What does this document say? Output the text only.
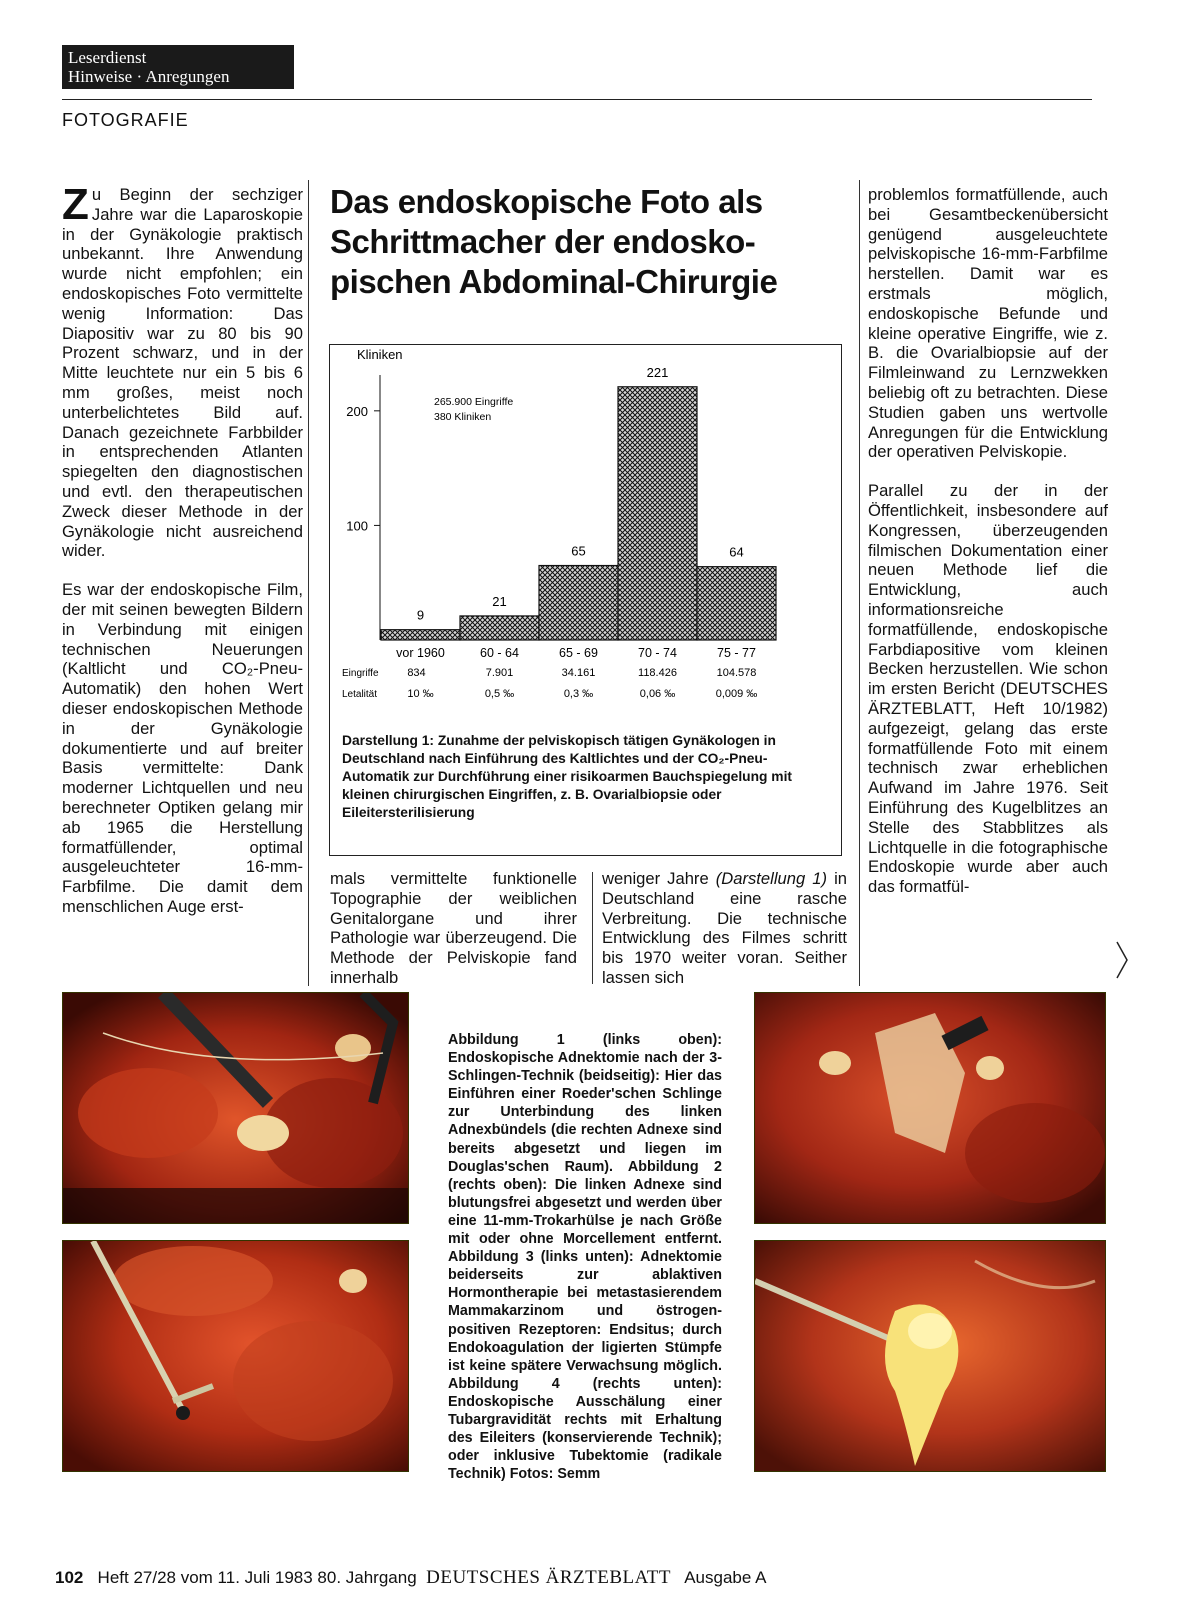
Leserdienst
Hinweise · Anregungen
FOTOGRAFIE

Zu Beginn der sechziger Jahre war die Laparoskopie in der Gynäkologie praktisch unbekannt. Ihre Anwendung wurde nicht empfohlen; ein endoskopisches Foto vermittelte wenig Information: Das Diapositiv war zu 80 bis 90 Prozent schwarz, und in der Mitte leuchtete nur ein 5 bis 6 mm großes, meist noch unterbelichtetes Bild auf. Danach gezeichnete Farbbilder in entsprechenden Atlanten spiegelten den diagnostischen und evtl. den therapeutischen Zweck dieser Methode in der Gynäkologie nicht ausreichend wider.

Es war der endoskopische Film, der mit seinen bewegten Bildern in Verbindung mit einigen technischen Neuerungen (Kaltlicht und CO₂-Pneu-Automatik) den hohen Wert dieser endoskopischen Methode in der Gynäkologie dokumentierte und auf breiter Basis vermittelte: Dank moderner Lichtquellen und neu berechneter Optiken gelang mir ab 1965 die Herstellung formatfüllender, optimal ausgeleuchteter 16-mm-Farbfilme. Die damit dem menschlichen Auge erst-

Das endoskopische Foto als Schrittmacher der endosko-pischen Abdominal-Chirurgie
Kliniken
265.900 Eingriffe
380 Kliniken
100
200
9
vor 1960
834
10 ‰
21
60 - 64
7.901
0,5 ‰
65
65 - 69
34.161
0,3 ‰
221
70 - 74
118.426
0,06 ‰
64
75 - 77
104.578
0,009 ‰
Eingriffe
Letalität
Darstellung 1: Zunahme der pelviskopisch tätigen Gynäkologen in Deutschland nach Einführung des Kaltlichtes und der CO₂-Pneu-Automatik zur Durchführung einer risikoarmen Bauchspiegelung mit kleinen chirurgischen Eingriffen, z. B. Ovarialbiopsie oder Eileitersterilisierung

problemlos formatfüllende, auch bei Gesamtbeckenübersicht genügend ausgeleuchtete pelviskopische 16-mm-Farbfilme herstellen. Damit war es erstmals möglich, endoskopische Befunde und kleine operative Eingriffe, wie z. B. die Ovarialbiopsie auf der Filmleinwand zu Lernzwekken beliebig oft zu betrachten. Diese Studien gaben uns wertvolle Anregungen für die Entwicklung der operativen Pelviskopie.

Parallel zu der in der Öffentlichkeit, insbesondere auf Kongressen, überzeugenden filmischen Dokumentation einer neuen Methode lief die Entwicklung, auch informationsreiche formatfüllende, endoskopische Farbdiapositive vom kleinen Becken herzustellen. Wie schon im ersten Bericht (DEUTSCHES ÄRZTEBLATT, Heft 10/1982) aufgezeigt, gelang das erste formatfüllende Foto mit einem technisch zwar erheblichen Aufwand im Jahre 1976. Seit Einführung des Kugelblitzes an Stelle des Stabblitzes als Lichtquelle in die fotographische Endoskopie wurde aber auch das formatfül-

mals vermittelte funktionelle Topographie der weiblichen Genitalorgane und ihrer Pathologie war überzeugend. Die Methode der Pelviskopie fand innerhalb
weniger Jahre (Darstellung 1) in Deutschland eine rasche Verbreitung. Die technische Entwicklung des Filmes schritt bis 1970 weiter voran. Seither lassen sich
Abbildung 1 (links oben): Endoskopische Adnektomie nach der 3-Schlingen-Technik (beidseitig): Hier das Einführen einer Roeder'schen Schlinge zur Unterbindung des linken Adnexbündels (die rechten Adnexe sind bereits abgesetzt und liegen im Douglas'schen Raum). Abbildung 2 (rechts oben): Die linken Adnexe sind blutungsfrei abgesetzt und werden über eine 11-mm-Trokarhülse je nach Größe mit oder ohne Morcellement entfernt. Abbildung 3 (links unten): Adnektomie beiderseits zur ablaktiven Hormontherapie bei metastasierendem Mammakarzinom und östrogen-positiven Rezeptoren: Endsitus; durch Endokoagulation der ligierten Stümpfe ist keine spätere Verwachsung möglich. Abbildung 4 (rechts unten): Endoskopische Ausschälung einer Tubargravidität rechts mit Erhaltung des Eileiters (konservierende Technik); oder inklusive Tubektomie (radikale Technik) Fotos: Semm
102 Heft 27/28 vom 11. Juli 1983 80. Jahrgang DEUTSCHES ÄRZTEBLATT Ausgabe A
